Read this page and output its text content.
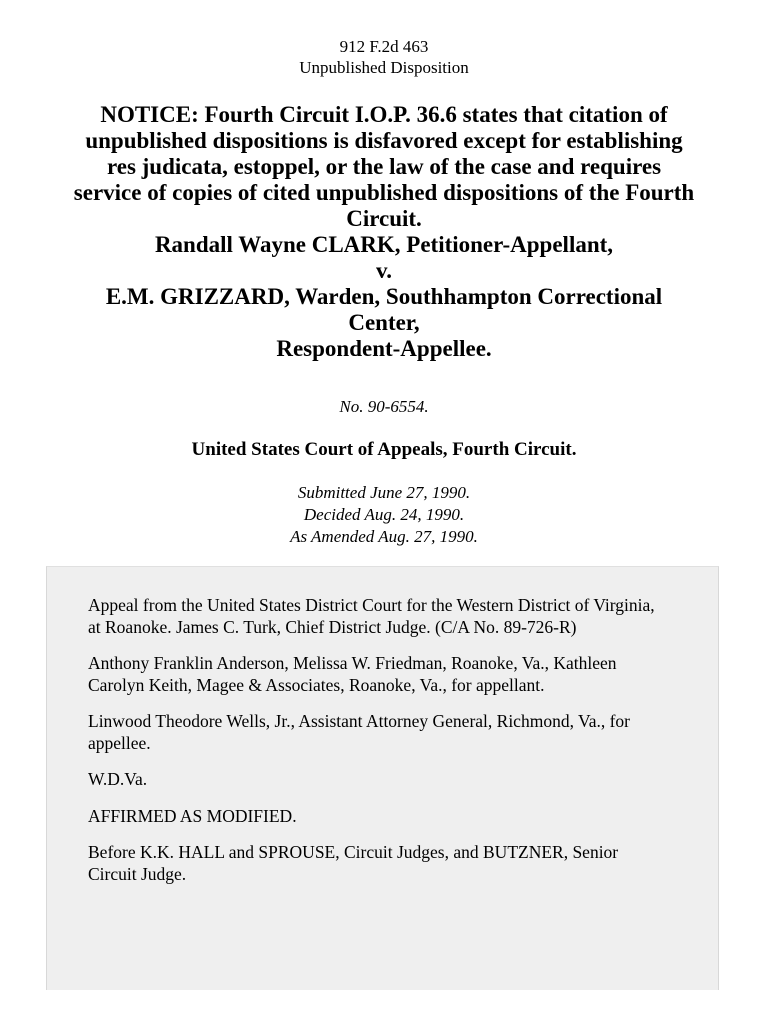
912 F.2d 463
Unpublished Disposition
NOTICE: Fourth Circuit I.O.P. 36.6 states that citation of
unpublished dispositions is disfavored except for establishing
res judicata, estoppel, or the law of the case and requires
service of copies of cited unpublished dispositions of the Fourth
Circuit.
Randall Wayne CLARK, Petitioner-Appellant,
v.
E.M. GRIZZARD, Warden, Southhampton Correctional
Center,
Respondent-Appellee.
No. 90-6554.
United States Court of Appeals, Fourth Circuit.
Submitted June 27, 1990.
Decided Aug. 24, 1990.
As Amended Aug. 27, 1990.

Appeal from the United States District Court for the Western District of Virginia, at Roanoke. James C. Turk, Chief District Judge. (C/A No. 89-726-R)

Anthony Franklin Anderson, Melissa W. Friedman, Roanoke, Va., Kathleen Carolyn Keith, Magee & Associates, Roanoke, Va., for appellant.

Linwood Theodore Wells, Jr., Assistant Attorney General, Richmond, Va., for appellee.

W.D.Va.

AFFIRMED AS MODIFIED.

Before K.K. HALL and SPROUSE, Circuit Judges, and BUTZNER, Senior Circuit Judge.
